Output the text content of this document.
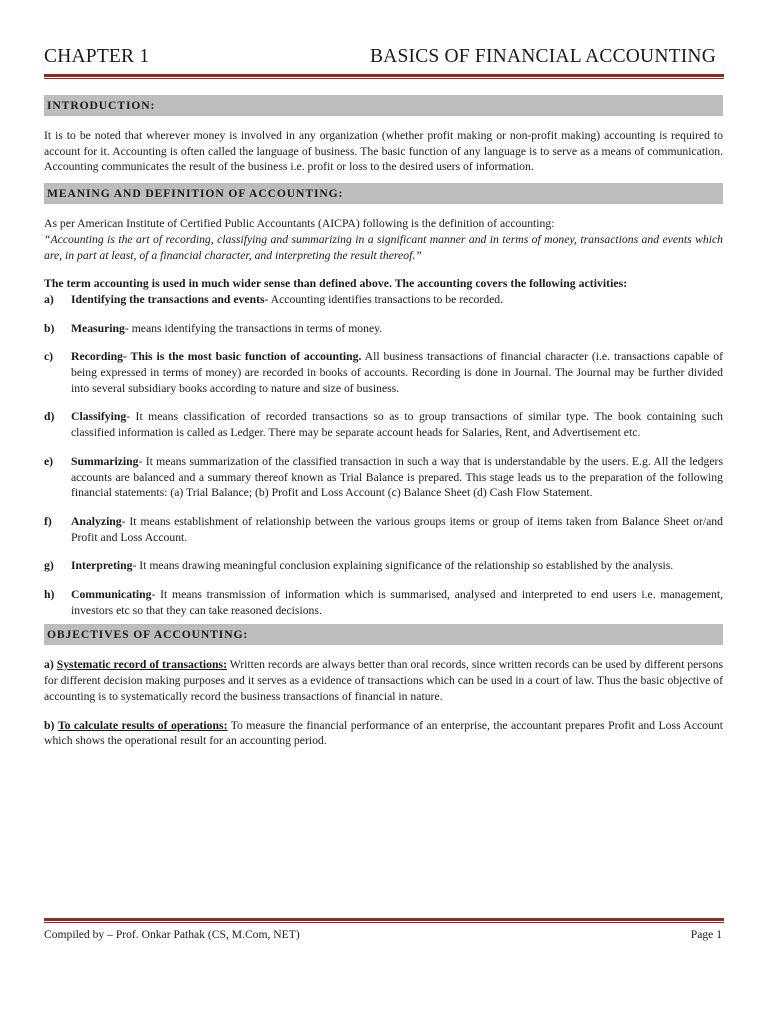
CHAPTER 1	BASICS OF FINANCIAL ACCOUNTING
INTRODUCTION:
It is to be noted that wherever money is involved in any organization (whether profit making or non-profit making) accounting is required to account for it. Accounting is often called the language of business. The basic function of any language is to serve as a means of communication. Accounting communicates the result of the business i.e. profit or loss to the desired users of information.
MEANING AND DEFINITION OF ACCOUNTING:
As per American Institute of Certified Public Accountants (AICPA) following is the definition of accounting:
“Accounting is the art of recording, classifying and summarizing in a significant manner and in terms of money, transactions and events which are, in part at least, of a financial character, and interpreting the result thereof.”
The term accounting is used in much wider sense than defined above. The accounting covers the following activities:
a)	Identifying the transactions and events- Accounting identifies transactions to be recorded.
b)	Measuring- means identifying the transactions in terms of money.
c)	Recording- This is the most basic function of accounting. All business transactions of financial character (i.e. transactions capable of being expressed in terms of money) are recorded in books of accounts. Recording is done in Journal. The Journal may be further divided into several subsidiary books according to nature and size of business.
d)	Classifying- It means classification of recorded transactions so as to group transactions of similar type. The book containing such classified information is called as Ledger. There may be separate account heads for Salaries, Rent, and Advertisement etc.
e)	Summarizing- It means summarization of the classified transaction in such a way that is understandable by the users. E.g. All the ledgers accounts are balanced and a summary thereof known as Trial Balance is prepared. This stage leads us to the preparation of the following financial statements: (a) Trial Balance; (b) Profit and Loss Account (c) Balance Sheet (d) Cash Flow Statement.
f)	Analyzing- It means establishment of relationship between the various groups items or group of items taken from Balance Sheet or/and Profit and Loss Account.
g)	Interpreting- It means drawing meaningful conclusion explaining significance of the relationship so established by the analysis.
h)	Communicating- It means transmission of information which is summarised, analysed and interpreted to end users i.e. management, investors etc so that they can take reasoned decisions.
OBJECTIVES OF ACCOUNTING:
a) Systematic record of transactions: Written records are always better than oral records, since written records can be used by different persons for different decision making purposes and it serves as a evidence of transactions which can be used in a court of law. Thus the basic objective of accounting is to systematically record the business transactions of financial in nature.
b) To calculate results of operations: To measure the financial performance of an enterprise, the accountant prepares Profit and Loss Account which shows the operational result for an accounting period.
Compiled by – Prof. Onkar Pathak (CS, M.Com, NET)	Page 1
